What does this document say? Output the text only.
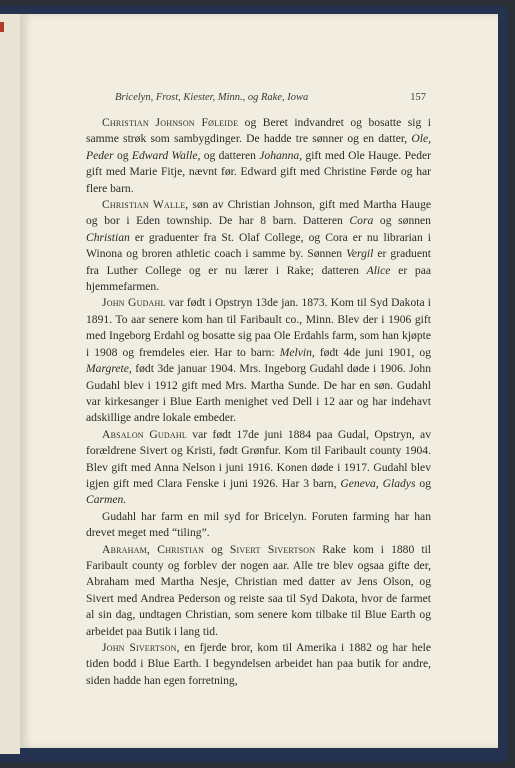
Bricelyn, Frost, Kiester, Minn., og Rake, Iowa	157

Christian Johnson Føleide og Beret indvandret og bosatte sig i samme strøk som sambygdinger. De hadde tre sønner og en datter, Ole, Peder og Edward Walle, og datteren Johanna, gift med Ole Hauge. Peder gift med Marie Fitje, nævnt før. Edward gift med Christine Førde og har flere barn.

Christian Walle, søn av Christian Johnson, gift med Martha Hauge og bor i Eden township. De har 8 barn. Datteren Cora og sønnen Christian er graduenter fra St. Olaf College, og Cora er nu librarian i Winona og broren athletic coach i samme by. Sønnen Vergil er graduent fra Luther College og er nu lærer i Rake; datteren Alice er paa hjemmefarmen.

John Gudahl var født i Opstryn 13de jan. 1873. Kom til Syd Dakota i 1891. To aar senere kom han til Faribault co., Minn. Blev der i 1906 gift med Ingeborg Erdahl og bosatte sig paa Ole Erdahls farm, som han kjøpte i 1908 og fremdeles eier. Har to barn: Melvin, født 4de juni 1901, og Margrete, født 3de januar 1904. Mrs. Ingeborg Gudahl døde i 1906. John Gudahl blev i 1912 gift med Mrs. Martha Sunde. De har en søn. Gudahl var kirkesanger i Blue Earth menighet ved Dell i 12 aar og har indehavt adskillige andre lokale embeder.

Absalon Gudahl var født 17de juni 1884 paa Gudal, Opstryn, av forældrene Sivert og Kristi, født Grønfur. Kom til Faribault county 1904. Blev gift med Anna Nelson i juni 1916. Konen døde i 1917. Gudahl blev igjen gift med Clara Fenske i juni 1926. Har 3 barn, Geneva, Gladys og Carmen.

Gudahl har farm en mil syd for Bricelyn. Foruten farming har han drevet meget med “tiling”.

Abraham, Christian og Sivert Sivertson Rake kom i 1880 til Faribault county og forblev der nogen aar. Alle tre blev ogsaa gifte der, Abraham med Martha Nesje, Christian med datter av Jens Olson, og Sivert med Andrea Pederson og reiste saa til Syd Dakota, hvor de farmet al sin dag, undtagen Christian, som senere kom tilbake til Blue Earth og arbeidet paa Butik i lang tid.

John Sivertson, en fjerde bror, kom til Amerika i 1882 og har hele tiden bodd i Blue Earth. I begyndelsen arbeidet han paa butik for andre, siden hadde han egen forretning,
